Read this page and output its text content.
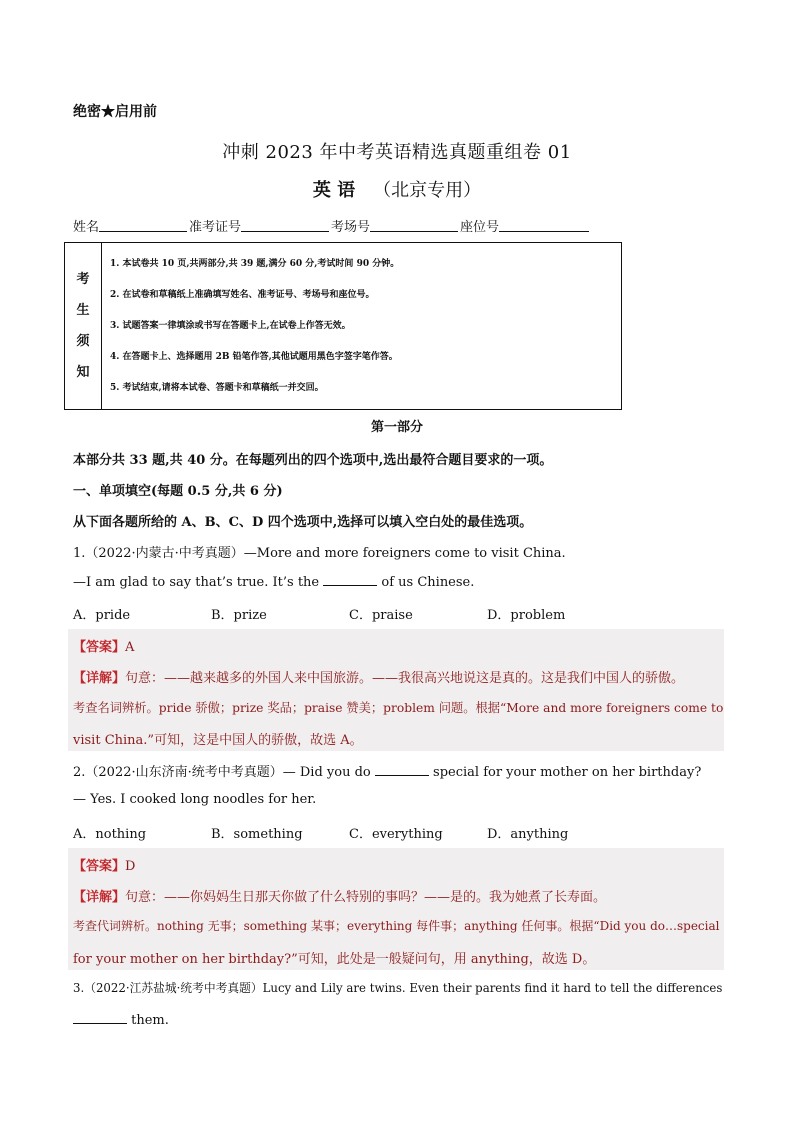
绝密★启用前
冲刺 2023 年中考英语精选真题重组卷 01
英 语 （北京专用）
姓名	准考证号	考场号	座位号
考
生
须
知
1. 本试卷共 10 页,共两部分,共 39 题,满分 60 分,考试时间 90 分钟。
2. 在试卷和草稿纸上准确填写姓名、准考证号、考场号和座位号。
3. 试题答案一律填涂或书写在答题卡上,在试卷上作答无效。
4. 在答题卡上、选择题用 2B 铅笔作答,其他试题用黑色字签字笔作答。
5. 考试结束,请将本试卷、答题卡和草稿纸一并交回。
第一部分
本部分共 33 题,共 40 分。在每题列出的四个选项中,选出最符合题目要求的一项。
一、单项填空(每题 0.5 分,共 6 分)
从下面各题所给的 A、B、C、D 四个选项中,选择可以填入空白处的最佳选项。
1.（2022·内蒙古·中考真题）—More and more foreigners come to visit China.
—I am glad to say that’s true. It’s the	of us Chinese.
A．pride	B．prize	C．praise	D．problem
【答案】A
【详解】句意：——越来越多的外国人来中国旅游。——我很高兴地说这是真的。这是我们中国人的骄傲。
考查名词辨析。pride 骄傲；prize 奖品；praise 赞美；problem 问题。根据“More and more foreigners come to
visit China.”可知，这是中国人的骄傲，故选 A。
2.（2022·山东济南·统考中考真题）— Did you do	special for your mother on her birthday?
— Yes. I cooked long noodles for her.
A．nothing	B．something	C．everything	D．anything
【答案】D
【详解】句意：——你妈妈生日那天你做了什么特别的事吗？——是的。我为她煮了长寿面。
考查代词辨析。nothing 无事；something 某事；everything 每件事；anything 任何事。根据“Did you do…special
for your mother on her birthday?”可知，此处是一般疑问句，用 anything，故选 D。
3.（2022·江苏盐城·统考中考真题）Lucy and Lily are twins. Even their parents find it hard to tell the differences
them.
